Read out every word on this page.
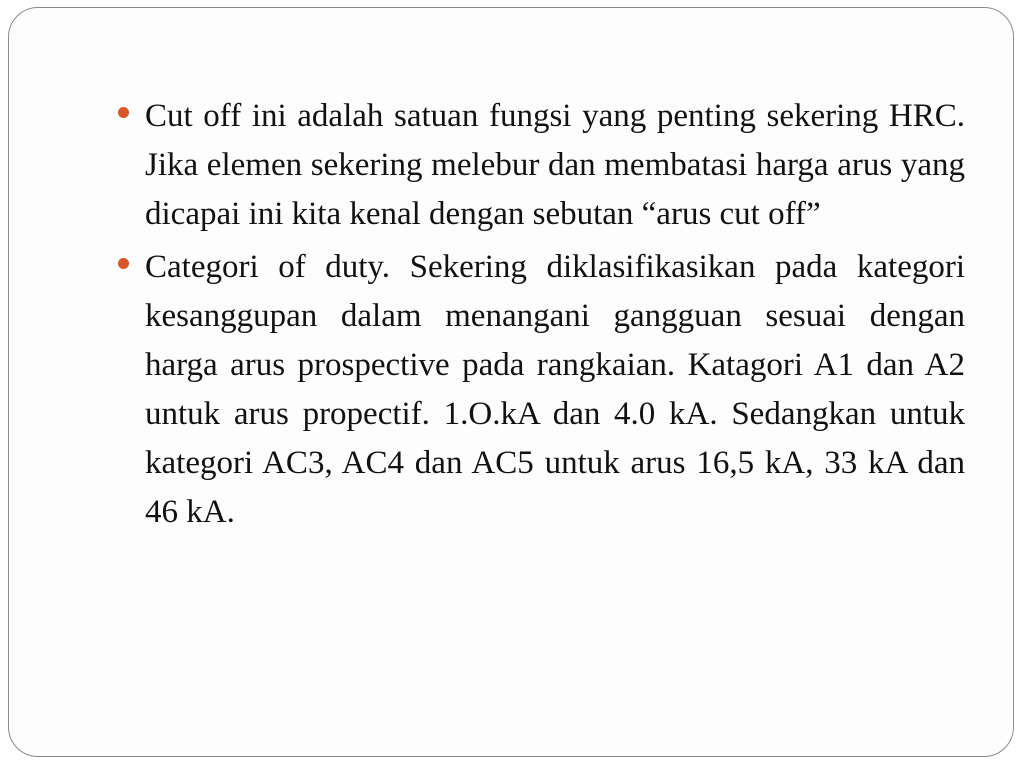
Cut off ini adalah satuan fungsi yang penting sekering HRC. Jika elemen sekering melebur dan membatasi harga arus yang dicapai ini kita kenal dengan sebutan “arus cut off”

Categori of duty. Sekering diklasifikasikan pada kategori kesanggupan dalam menangani gangguan sesuai dengan harga arus prospective pada rangkaian. Katagori A1 dan A2 untuk arus propectif. 1.O.kA dan 4.0 kA. Sedangkan untuk kategori AC3, AC4 dan AC5 untuk arus 16,5 kA, 33 kA dan 46 kA.
